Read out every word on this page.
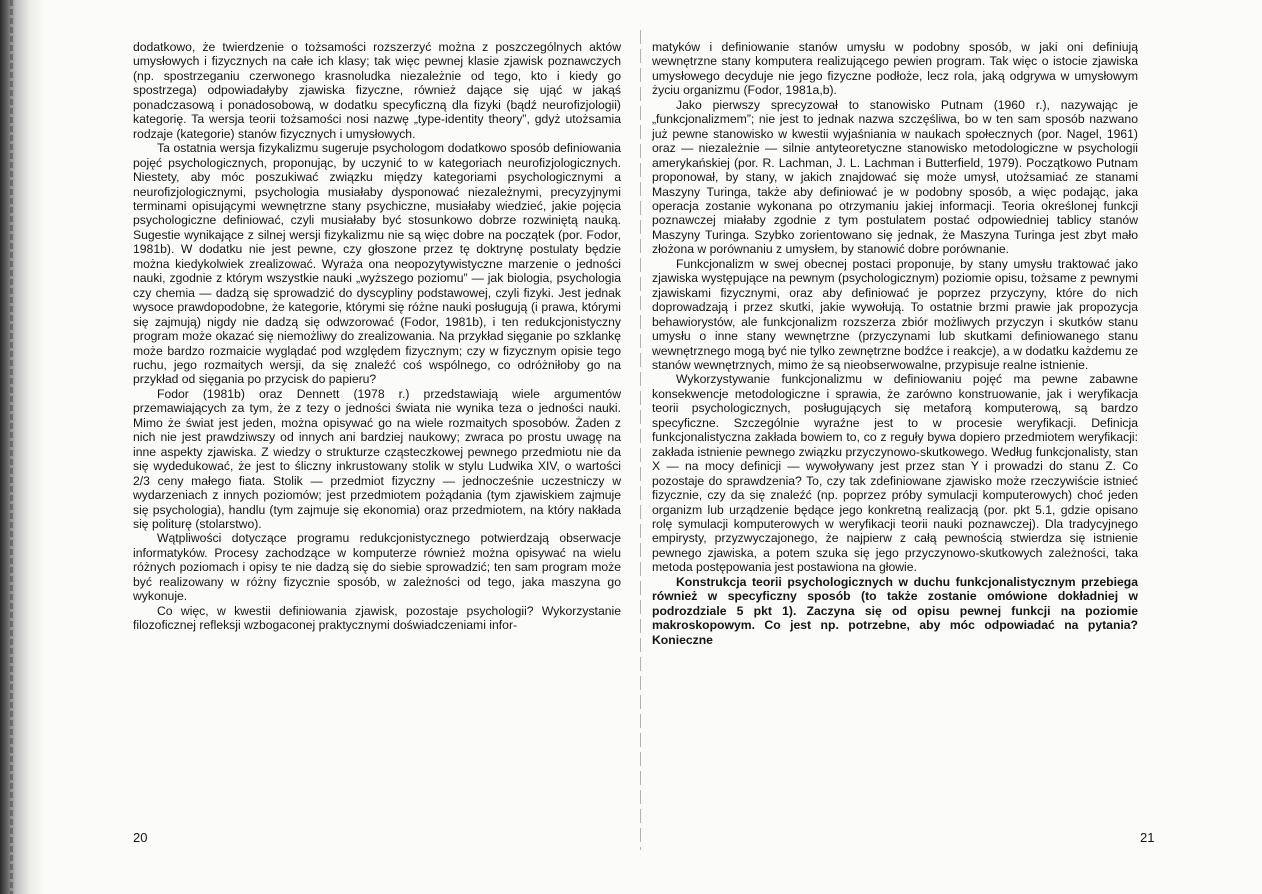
dodatkowo, że twierdzenie o tożsamości rozszerzyć można z poszczególnych aktów umysłowych i fizycznych na całe ich klasy; tak więc pewnej klasie zjawisk poznawczych (np. spostrzeganiu czerwonego krasnoludka niezależnie od tego, kto i kiedy go spostrzega) odpowiadałyby zjawiska fizyczne, również dające się ująć w jakąś ponadczasową i ponadosobową, w dodatku specyficzną dla fizyki (bądź neurofizjologii) kategorię. Ta wersja teorii tożsamości nosi nazwę „type-identity theory”, gdyż utożsamia rodzaje (kategorie) stanów fizycznych i umysłowych.

Ta ostatnia wersja fizykalizmu sugeruje psychologom dodatkowo sposób definiowania pojęć psychologicznych, proponując, by uczynić to w kategoriach neurofizjologicznych. Niestety, aby móc poszukiwać związku między kategoriami psychologicznymi a neurofizjologicznymi, psychologia musiałaby dysponować niezależnymi, precyzyjnymi terminami opisującymi wewnętrzne stany psychiczne, musiałaby wiedzieć, jakie pojęcia psychologiczne definiować, czyli musiałaby być stosunkowo dobrze rozwiniętą nauką. Sugestie wynikające z silnej wersji fizykalizmu nie są więc dobre na początek (por. Fodor, 1981b). W dodatku nie jest pewne, czy głoszone przez tę doktrynę postulaty będzie można kiedykolwiek zrealizować. Wyraża ona neopozytywistyczne marzenie o jedności nauki, zgodnie z którym wszystkie nauki „wyższego poziomu” — jak biologia, psychologia czy chemia — dadzą się sprowadzić do dyscypliny podstawowej, czyli fizyki. Jest jednak wysoce prawdopodobne, że kategorie, którymi się różne nauki posługują (i prawa, którymi się zajmują) nigdy nie dadzą się odwzorować (Fodor, 1981b), i ten redukcjonistyczny program może okazać się niemożliwy do zrealizowania. Na przykład sięganie po szklankę może bardzo rozmaicie wyglądać pod względem fizycznym; czy w fizycznym opisie tego ruchu, jego rozmaitych wersji, da się znaleźć coś wspólnego, co odróżniłoby go na przykład od sięgania po przycisk do papieru?

Fodor (1981b) oraz Dennett (1978 r.) przedstawiają wiele argumentów przemawiających za tym, że z tezy o jedności świata nie wynika teza o jedności nauki. Mimo że świat jest jeden, można opisywać go na wiele rozmaitych sposobów. Żaden z nich nie jest prawdziwszy od innych ani bardziej naukowy; zwraca po prostu uwagę na inne aspekty zjawiska. Z wiedzy o strukturze cząsteczkowej pewnego przedmiotu nie da się wydedukować, że jest to śliczny inkrustowany stolik w stylu Ludwika XIV, o wartości 2/3 ceny małego fiata. Stolik — przedmiot fizyczny — jednocześnie uczestniczy w wydarzeniach z innych poziomów; jest przedmiotem pożądania (tym zjawiskiem zajmuje się psychologia), handlu (tym zajmuje się ekonomia) oraz przedmiotem, na który nakłada się politurę (stolarstwo).

Wątpliwości dotyczące programu redukcjonistycznego potwierdzają obserwacje informatyków. Procesy zachodzące w komputerze również można opisywać na wielu różnych poziomach i opisy te nie dadzą się do siebie sprowadzić; ten sam program może być realizowany w różny fizycznie sposób, w zależności od tego, jaka maszyna go wykonuje.

Co więc, w kwestii definiowania zjawisk, pozostaje psychologii? Wykorzystanie filozoficznej refleksji wzbogaconej praktycznymi doświadczeniami infor-

matyków i definiowanie stanów umysłu w podobny sposób, w jaki oni definiują wewnętrzne stany komputera realizującego pewien program. Tak więc o istocie zjawiska umysłowego decyduje nie jego fizyczne podłoże, lecz rola, jaką odgrywa w umysłowym życiu organizmu (Fodor, 1981a,b).

Jako pierwszy sprecyzował to stanowisko Putnam (1960 r.), nazywając je „funkcjonalizmem”; nie jest to jednak nazwa szczęśliwa, bo w ten sam sposób nazwano już pewne stanowisko w kwestii wyjaśniania w naukach społecznych (por. Nagel, 1961) oraz — niezależnie — silnie antyteoretyczne stanowisko metodologiczne w psychologii amerykańskiej (por. R. Lachman, J. L. Lachman i Butterfield, 1979). Początkowo Putnam proponował, by stany, w jakich znajdować się może umysł, utożsamiać ze stanami Maszyny Turinga, także aby definiować je w podobny sposób, a więc podając, jaka operacja zostanie wykonana po otrzymaniu jakiej informacji. Teoria określonej funkcji poznawczej miałaby zgodnie z tym postulatem postać odpowiedniej tablicy stanów Maszyny Turinga. Szybko zorientowano się jednak, że Maszyna Turinga jest zbyt mało złożona w porównaniu z umysłem, by stanowić dobre porównanie.

Funkcjonalizm w swej obecnej postaci proponuje, by stany umysłu traktować jako zjawiska występujące na pewnym (psychologicznym) poziomie opisu, tożsame z pewnymi zjawiskami fizycznymi, oraz aby definiować je poprzez przyczyny, które do nich doprowadzają i przez skutki, jakie wywołują. To ostatnie brzmi prawie jak propozycja behawiorystów, ale funkcjonalizm rozszerza zbiór możliwych przyczyn i skutków stanu umysłu o inne stany wewnętrzne (przyczynami lub skutkami definiowanego stanu wewnętrznego mogą być nie tylko zewnętrzne bodźce i reakcje), a w dodatku każdemu ze stanów wewnętrznych, mimo że są nieobserwowalne, przypisuje realne istnienie.

Wykorzystywanie funkcjonalizmu w definiowaniu pojęć ma pewne zabawne konsekwencje metodologiczne i sprawia, że zarówno konstruowanie, jak i weryfikacja teorii psychologicznych, posługujących się metaforą komputerową, są bardzo specyficzne. Szczególnie wyraźne jest to w procesie weryfikacji. Definicja funkcjonalistyczna zakłada bowiem to, co z reguły bywa dopiero przedmiotem weryfikacji: zakłada istnienie pewnego związku przyczynowo-skutkowego. Według funkcjonalisty, stan X — na mocy definicji — wywoływany jest przez stan Y i prowadzi do stanu Z. Co pozostaje do sprawdzenia? To, czy tak zdefiniowane zjawisko może rzeczywiście istnieć fizycznie, czy da się znaleźć (np. poprzez próby symulacji komputerowych) choć jeden organizm lub urządzenie będące jego konkretną realizacją (por. pkt 5.1, gdzie opisano rolę symulacji komputerowych w weryfikacji teorii nauki poznawczej). Dla tradycyjnego empirysty, przyzwyczajonego, że najpierw z całą pewnością stwierdza się istnienie pewnego zjawiska, a potem szuka się jego przyczynowo-skutkowych zależności, taka metoda postępowania jest postawiona na głowie.

Konstrukcja teorii psychologicznych w duchu funkcjonalistycznym przebiega również w specyficzny sposób (to także zostanie omówione dokładniej w podrozdziale 5 pkt 1). Zaczyna się od opisu pewnej funkcji na poziomie makroskopowym. Co jest np. potrzebne, aby móc odpowiadać na pytania? Konieczne

20	21
